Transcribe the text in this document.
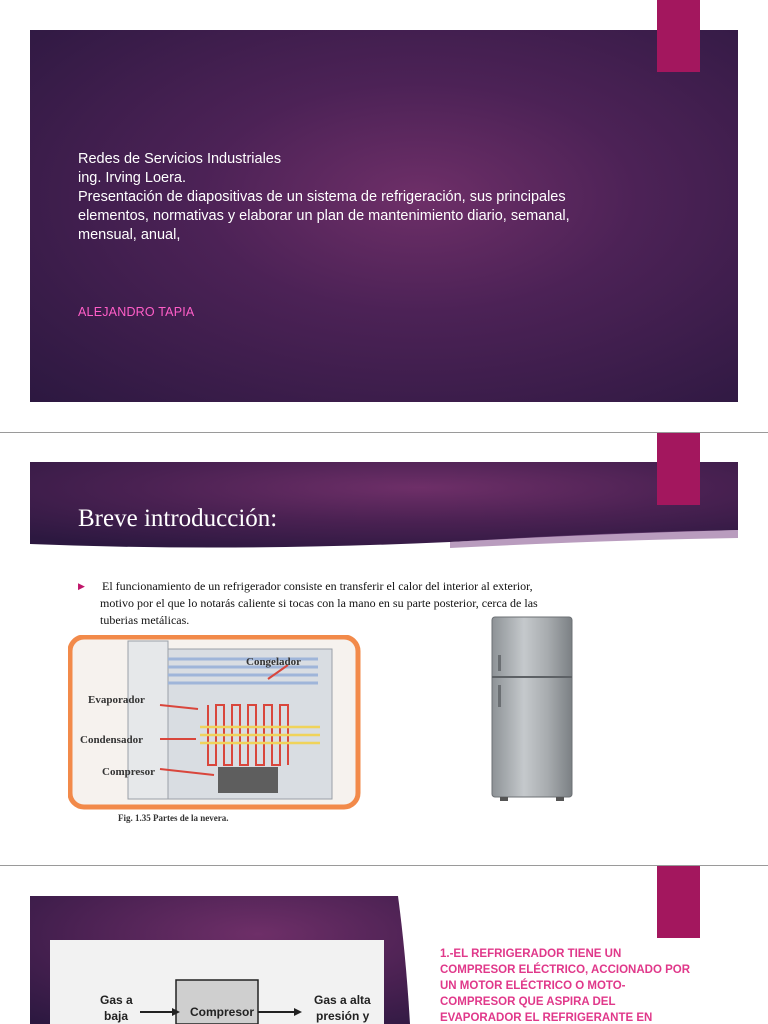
Redes de Servicios Industriales
ing. Irving Loera.
Presentación de diapositivas de un sistema de refrigeración, sus principales
elementos, normativas y elaborar un plan de mantenimiento diario, semanal,
mensual, anual,
ALEJANDRO TAPIA
Breve introducción:
▶ El funcionamiento de un refrigerador consiste en transferir el calor del interior al exterior,
motivo por el que lo notarás caliente si tocas con la mano en su parte posterior, cerca de las
tuberias metálicas.
Congelador
Evaporador
Condensador
Compresor
Fig. 1.35 Partes de la nevera.
Compresor
Gas a
baja
Gas a alta
presión y
1.-EL REFRIGERADOR TIENE UN
COMPRESOR ELÉCTRICO, ACCIONADO POR
UN MOTOR ELÉCTRICO O MOTO-
COMPRESOR QUE ASPIRA DEL
EVAPORADOR EL REFRIGERANTE EN
